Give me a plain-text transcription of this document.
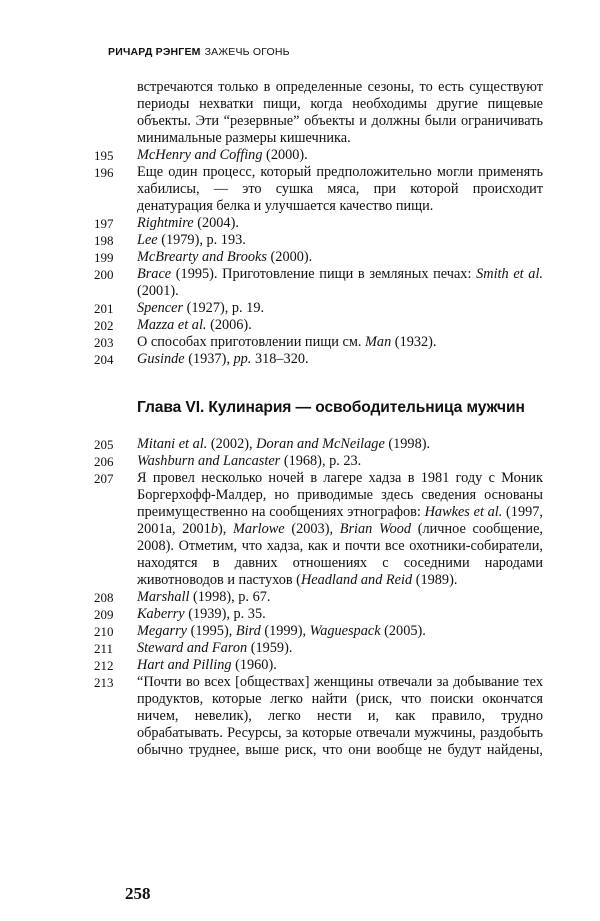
РИЧАРД РЭНГЕМ ЗАЖЕЧЬ ОГОНЬ
встречаются только в определенные сезоны, то есть существуют периоды нехватки пищи, когда необходимы другие пищевые объекты. Эти “резервные” объекты и должны были ограничивать минимальные размеры кишечника.
195	McHenry and Coffing (2000).
196	Еще один процесс, который предположительно могли применять хабилисы, — это сушка мяса, при которой происходит денатурация белка и улучшается качество пищи.
197	Rightmire (2004).
198	Lee (1979), p. 193.
199	McBrearty and Brooks (2000).
200	Brace (1995). Приготовление пищи в земляных печах: Smith et al. (2001).
201	Spencer (1927), p. 19.
202	Mazza et al. (2006).
203	О способах приготовлении пищи см. Man (1932).
204	Gusinde (1937), pp. 318–320.
Глава VI. Кулинария — освободительница мужчин
205	Mitani et al. (2002), Doran and McNeilage (1998).
206	Washburn and Lancaster (1968), p. 23.
207	Я провел несколько ночей в лагере хадза в 1981 году с Моник Боргерхофф-Малдер, но приводимые здесь сведения основаны преимущественно на сообщениях этнографов: Hawkes et al. (1997, 2001a, 2001b), Marlowe (2003), Brian Wood (личное сообщение, 2008). Отметим, что хадза, как и почти все охотники-собиратели, находятся в давних отношениях с соседними народами животноводов и пастухов (Headland and Reid (1989).
208	Marshall (1998), p. 67.
209	Kaberry (1939), p. 35.
210	Megarry (1995), Bird (1999), Waguespack (2005).
211	Steward and Faron (1959).
212	Hart and Pilling (1960).
213	“Почти во всех [обществах] женщины отвечали за добывание тех продуктов, которые легко найти (риск, что поиски окончатся ничем, невелик), легко нести и, как правило, трудно обрабатывать. Ресурсы, за которые отвечали мужчины, раздобыть обычно труднее, выше риск, что они вообще не будут найдены,
258
